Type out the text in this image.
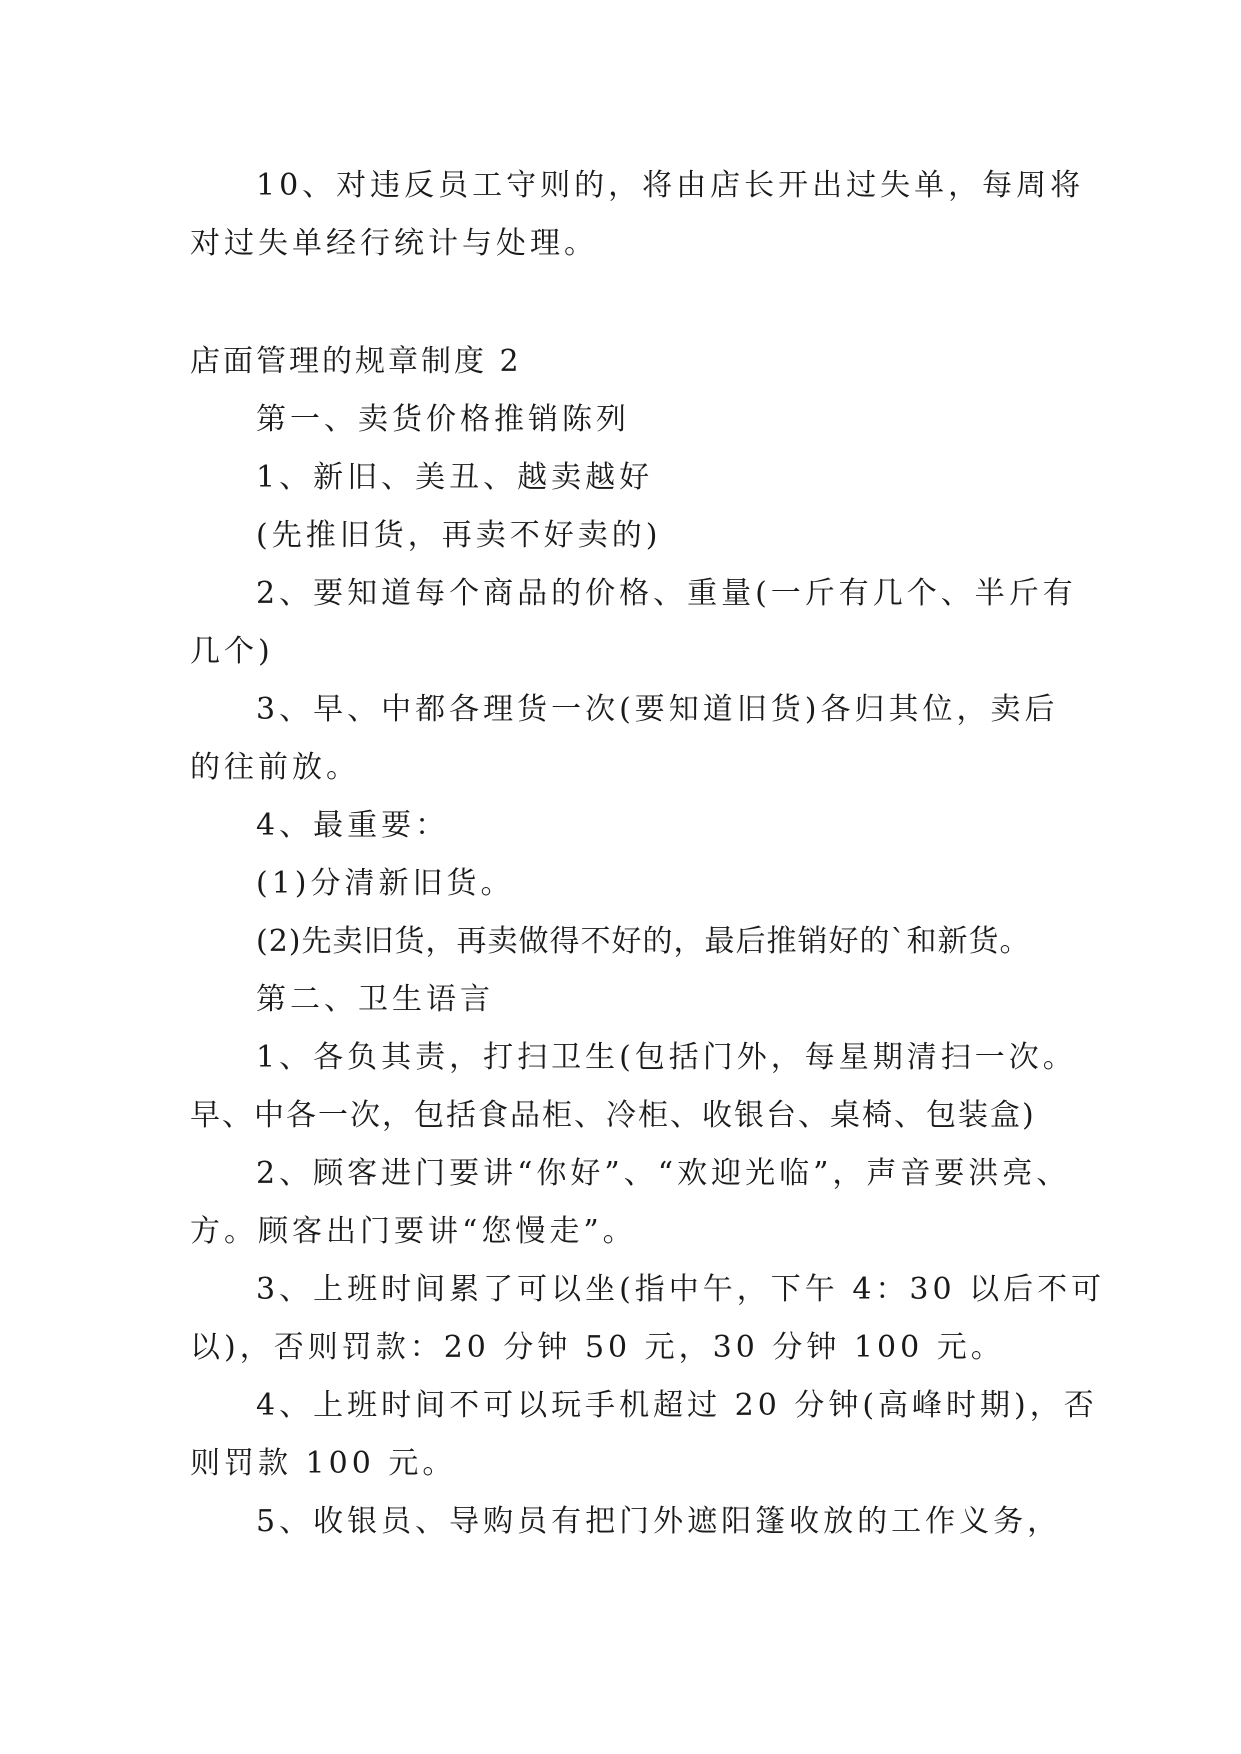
10、对违反员工守则的，将由店长开出过失单，每周将
对过失单经行统计与处理。
店面管理的规章制度 2
第一、卖货价格推销陈列
1、新旧、美丑、越卖越好
(先推旧货，再卖不好卖的)
2、要知道每个商品的价格、重量(一斤有几个、半斤有
几个)
3、早、中都各理货一次(要知道旧货)各归其位，卖后
的往前放。
4、最重要：
(1)分清新旧货。
(2)先卖旧货，再卖做得不好的，最后推销好的`和新货。
第二、卫生语言
1、各负其责，打扫卫生(包括门外，每星期清扫一次。
早、中各一次，包括食品柜、冷柜、收银台、桌椅、包装盒)
2、顾客进门要讲“你好”、“欢迎光临”，声音要洪亮、
方。顾客出门要讲“您慢走”。
3、上班时间累了可以坐(指中午，下午 4：30 以后不可
以)，否则罚款：20 分钟 50 元，30 分钟 100 元。
4、上班时间不可以玩手机超过 20 分钟(高峰时期)，否
则罚款 100 元。
5、收银员、导购员有把门外遮阳篷收放的工作义务，
